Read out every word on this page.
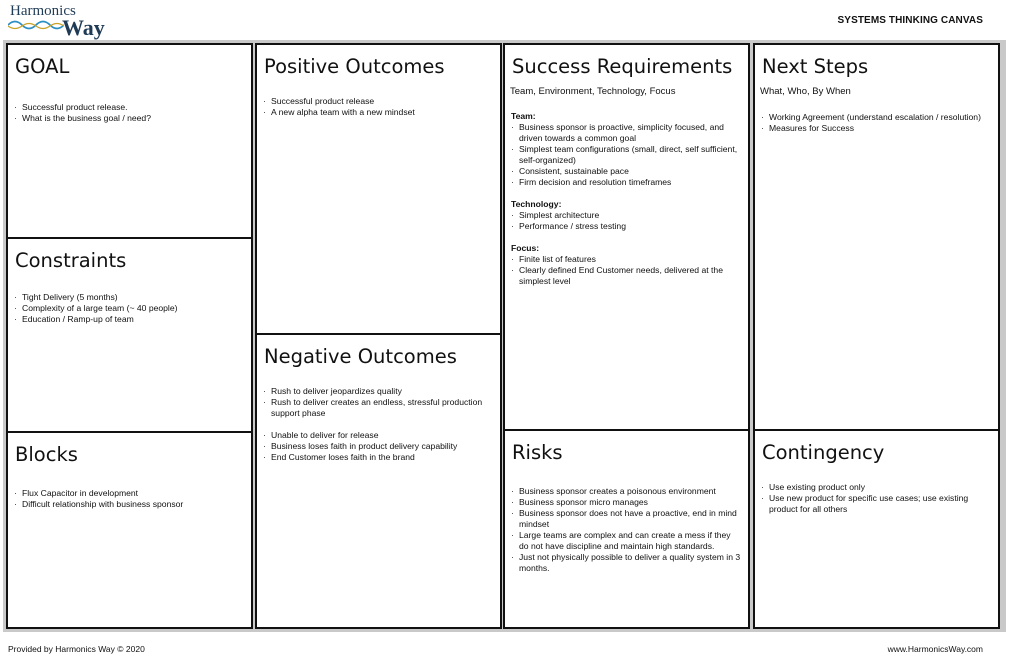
Harmonics
Way	SYSTEMS THINKING CANVAS
GOAL
· Successful product release.
· What is the business goal / need?
Constraints
· Tight Delivery (5 months)
· Complexity of a large team (~ 40 people)
· Education / Ramp-up of team
Blocks
· Flux Capacitor in development
· Difficult relationship with business sponsor
Positive Outcomes
· Successful product release
· A new alpha team with a new mindset
Negative Outcomes
· Rush to deliver jeopardizes quality
· Rush to deliver creates an endless, stressful production support phase
· Unable to deliver for release
· Business loses faith in product delivery capability
· End Customer loses faith in the brand
Success Requirements
Team, Environment, Technology, Focus
Team:
· Business sponsor is proactive, simplicity focused, and driven towards a common goal
· Simplest team configurations (small, direct, self sufficient, self-organized)
· Consistent, sustainable pace
· Firm decision and resolution timeframes
Technology:
· Simplest architecture
· Performance / stress testing
Focus:
· Finite list of features
· Clearly defined End Customer needs, delivered at the simplest level
Risks
· Business sponsor creates a poisonous environment
· Business sponsor micro manages
· Business sponsor does not have a proactive, end in mind mindset
· Large teams are complex and can create a mess if they do not have discipline and maintain high standards.
· Just not physically possible to deliver a quality system in 3 months.
Next Steps
What, Who, By When
· Working Agreement (understand escalation / resolution)
· Measures for Success
Contingency
· Use existing product only
· Use new product for specific use cases; use existing product for all others
Provided by Harmonics Way © 2020	www.HarmonicsWay.com
